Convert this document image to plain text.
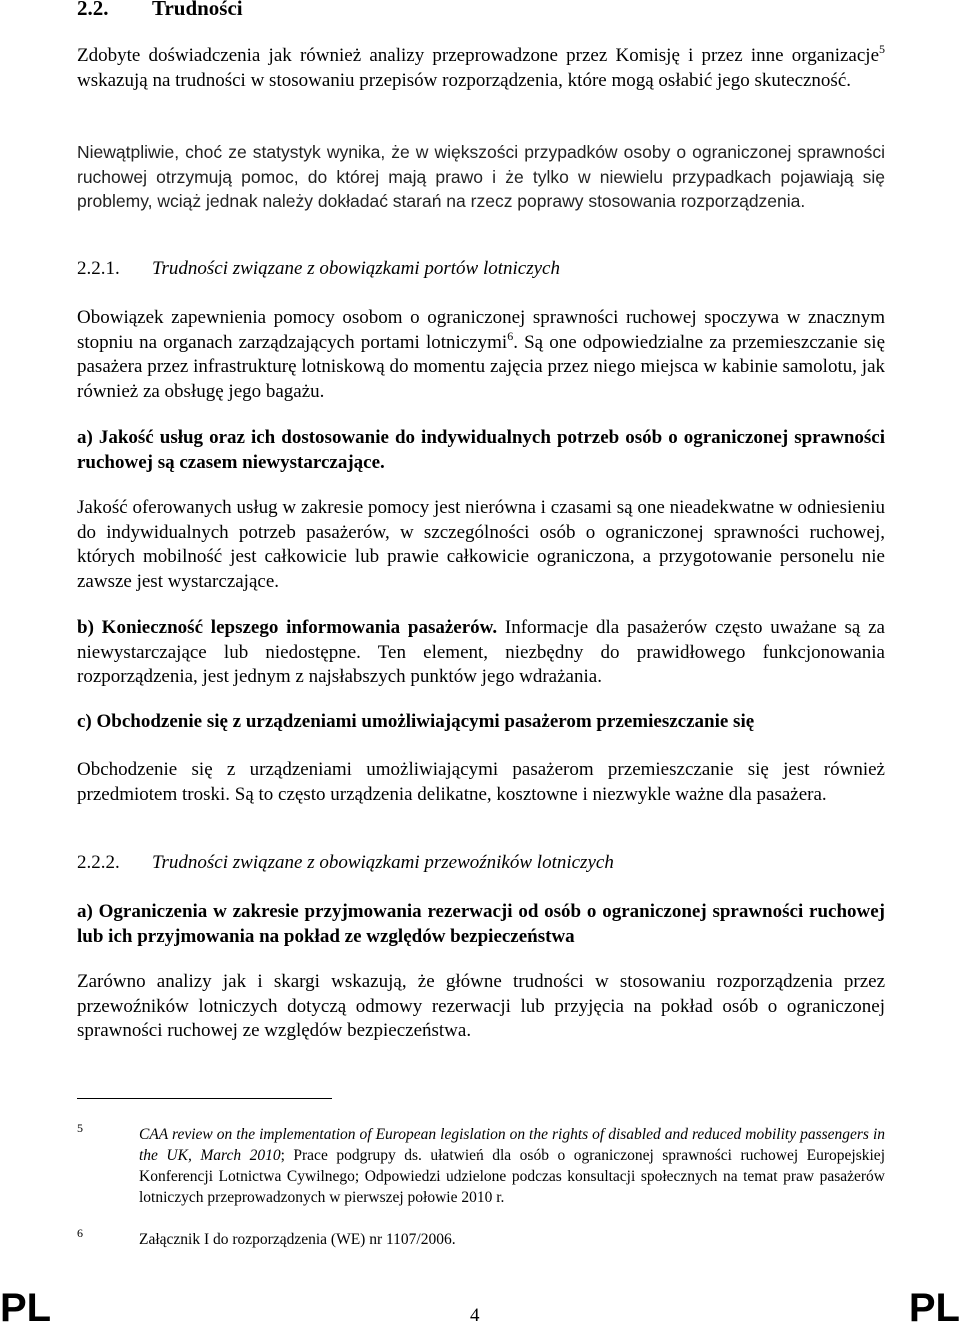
2.2. Trudności

Zdobyte doświadczenia jak również analizy przeprowadzone przez Komisję i przez inne organizacje$^5$ wskazują na trudności w stosowaniu przepisów rozporządzenia, które mogą osłabić jego skuteczność.

Niewątpliwie, choć ze statystyk wynika, że w większości przypadków osoby o ograniczonej sprawności ruchowej otrzymują pomoc, do której mają prawo i że tylko w niewielu przypadkach pojawiają się problemy, wciąż jednak należy dokładać starań na rzecz poprawy stosowania rozporządzenia.

2.2.1. Trudności związane z obowiązkami portów lotniczych

Obowiązek zapewnienia pomocy osobom o ograniczonej sprawności ruchowej spoczywa w znacznym stopniu na organach zarządzających portami lotniczymi$^6$. Są one odpowiedzialne za przemieszczanie się pasażera przez infrastrukturę lotniskową do momentu zajęcia przez niego miejsca w kabinie samolotu, jak również za obsługę jego bagażu.

a) Jakość usług oraz ich dostosowanie do indywidualnych potrzeb osób o ograniczonej sprawności ruchowej są czasem niewystarczające.

Jakość oferowanych usług w zakresie pomocy jest nierówna i czasami są one nieadekwatne w odniesieniu do indywidualnych potrzeb pasażerów, w szczególności osób o ograniczonej sprawności ruchowej, których mobilność jest całkowicie lub prawie całkowicie ograniczona, a przygotowanie personelu nie zawsze jest wystarczające.

b) Konieczność lepszego informowania pasażerów. Informacje dla pasażerów często uważane są za niewystarczające lub niedostępne. Ten element, niezbędny do prawidłowego funkcjonowania rozporządzenia, jest jednym z najsłabszych punktów jego wdrażania.

c) Obchodzenie się z urządzeniami umożliwiającymi pasażerom przemieszczanie się

Obchodzenie się z urządzeniami umożliwiającymi pasażerom przemieszczanie się jest również przedmiotem troski. Są to często urządzenia delikatne, kosztowne i niezwykle ważne dla pasażera.

2.2.2. Trudności związane z obowiązkami przewoźników lotniczych

a) Ograniczenia w zakresie przyjmowania rezerwacji od osób o ograniczonej sprawności ruchowej lub ich przyjmowania na pokład ze względów bezpieczeństwa

Zarówno analizy jak i skargi wskazują, że główne trudności w stosowaniu rozporządzenia przez przewoźników lotniczych dotyczą odmowy rezerwacji lub przyjęcia na pokład osób o ograniczonej sprawności ruchowej ze względów bezpieczeństwa.

5	CAA review on the implementation of European legislation on the rights of disabled and reduced mobility passengers in the UK, March 2010; Prace podgrupy ds. ułatwień dla osób o ograniczonej sprawności ruchowej Europejskiej Konferencji Lotnictwa Cywilnego; Odpowiedzi udzielone podczas konsultacji społecznych na temat praw pasażerów lotniczych przeprowadzonych w pierwszej połowie 2010 r.
6	Załącznik I do rozporządzenia (WE) nr 1107/2006.
PL	4	PL
